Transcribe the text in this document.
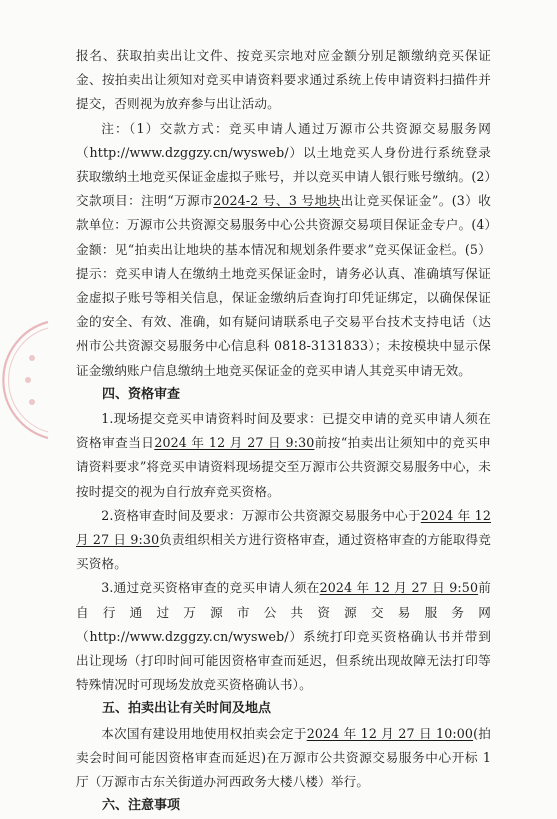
报名、获取拍卖出让文件、按竞买宗地对应金额分别足额缴纳竞买保证金、按拍卖出让须知对竞买申请资料要求通过系统上传申请资料扫描件并提交，否则视为放弃参与出让活动。

注：（1）交款方式：竞买申请人通过万源市公共资源交易服务网（http://www.dzggzy.cn/wysweb/）以土地竞买人身份进行系统登录获取缴纳土地竞买保证金虚拟子账号，并以竞买申请人银行账号缴纳。(2）交款项目：注明“万源市2024-2 号、3 号地块出让竞买保证金”。(3）收款单位：万源市公共资源交易服务中心公共资源交易项目保证金专户。(4）金额：见“拍卖出让地块的基本情况和规划条件要求”竞买保证金栏。(5）提示：竞买申请人在缴纳土地竞买保证金时，请务必认真、准确填写保证金虚拟子账号等相关信息，保证金缴纳后查询打印凭证绑定，以确保保证金的安全、有效、准确，如有疑问请联系电子交易平台技术支持电话（达州市公共资源交易服务中心信息科 0818-3131833）；未按模块中显示保证金缴纳账户信息缴纳土地竞买保证金的竞买申请人其竞买申请无效。

四、资格审查

1.现场提交竞买申请资料时间及要求：已提交申请的竞买申请人须在资格审查当日2024 年 12 月 27 日 9:30前按“拍卖出让须知中的竞买申请资料要求”将竞买申请资料现场提交至万源市公共资源交易服务中心，未按时提交的视为自行放弃竞买资格。

2.资格审查时间及要求：万源市公共资源交易服务中心于2024 年 12 月 27 日 9:30负责组织相关方进行资格审查，通过资格审查的方能取得竞买资格。

3.通过竞买资格审查的竞买申请人须在2024 年 12 月 27 日 9:50前自行通过万源市公共资源交易服务网（http://www.dzggzy.cn/wysweb/）系统打印竞买资格确认书并带到出让现场（打印时间可能因资格审查而延迟，但系统出现故障无法打印等特殊情况时可现场发放竞买资格确认书）。

五、拍卖出让有关时间及地点

本次国有建设用地使用权拍卖会定于2024 年 12 月 27 日 10:00(拍卖会时间可能因资格审查而延迟)在万源市公共资源交易服务中心开标 1 厅（万源市古东关街道办河西政务大楼八楼）举行。

六、注意事项
